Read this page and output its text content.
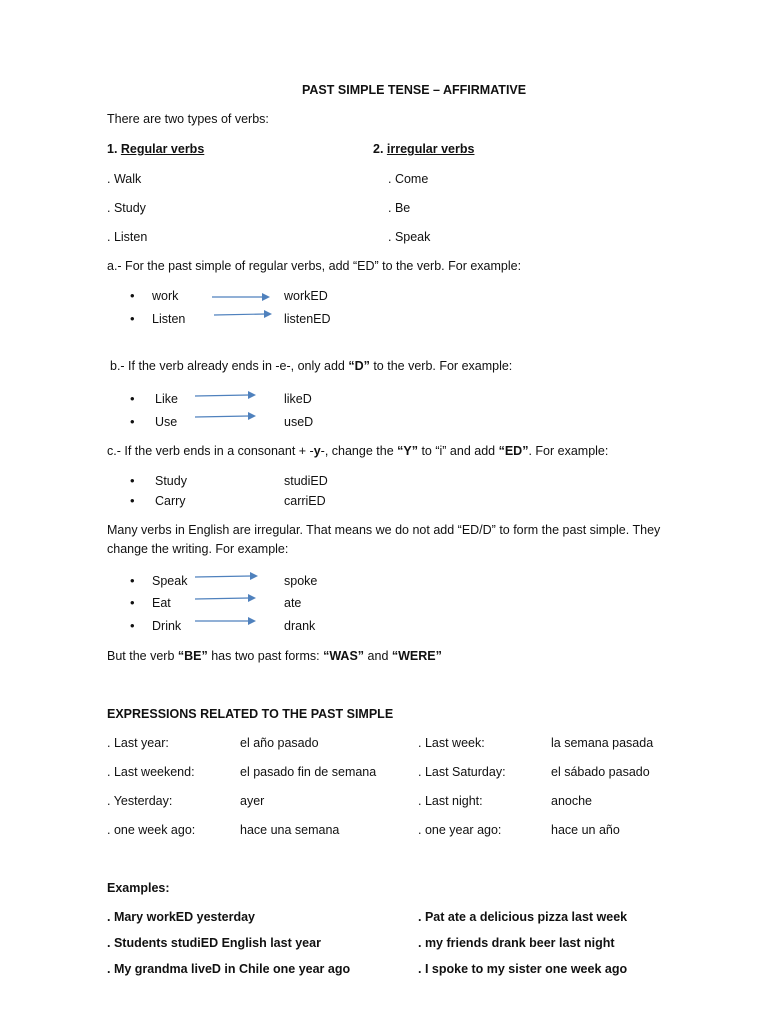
PAST SIMPLE TENSE – AFFIRMATIVE
There are two types of verbs:
1. Regular verbs
. Walk
. Study
. Listen
2. irregular verbs
. Come
. Be
. Speak
a.- For the past simple of regular verbs, add “ED” to the verb. For example:
• work	workED
• Listen	listenED
b.- If the verb already ends in -e-, only add “D” to the verb. For example:
• Like	likeD
• Use	useD
c.- If the verb ends in a consonant + -y-, change the “Y” to “i” and add “ED”. For example:
• Study	studiED
• Carry	carriED
Many verbs in English are irregular. That means we do not add “ED/D” to form the past simple. They
change the writing. For example:
• Speak	spoke
• Eat	ate
• Drink	drank
But the verb “BE” has two past forms: “WAS” and “WERE”
EXPRESSIONS RELATED TO THE PAST SIMPLE
. Last year:	el año pasado	. Last week:	la semana pasada
. Last weekend:	el pasado fin de semana	. Last Saturday:	el sábado pasado
. Yesterday:	ayer	. Last night:	anoche
. one week ago:	hace una semana	. one year ago:	hace un año
Examples:
. Mary workED yesterday
. Students studiED English last year
. My grandma liveD in Chile one year ago
. Pat ate a delicious pizza last week
. my friends drank beer last night
. I spoke to my sister one week ago
